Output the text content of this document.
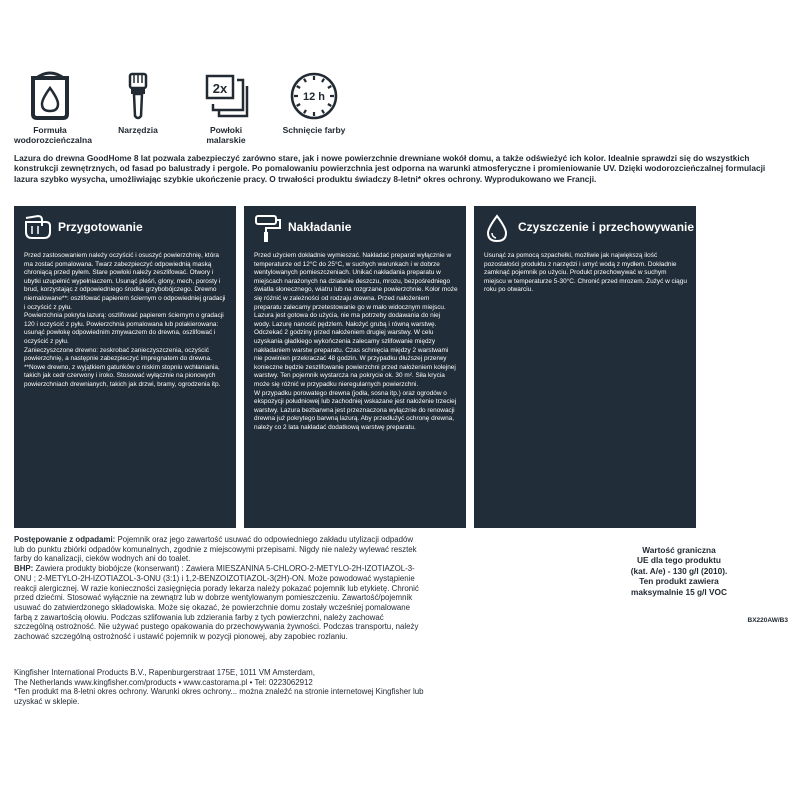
Formuła wodorozcieńczalna
Narzędzia
2x
Powłoki malarskie
12 h
Schnięcie farby
Lazura do drewna GoodHome 8 lat pozwala zabezpieczyć zarówno stare, jak i nowe powierzchnie drewniane wokół domu, a także odświeżyć ich kolor. Idealnie sprawdzi się do wszystkich konstrukcji zewnętrznych, od fasad po balustrady i pergole. Po pomalowaniu powierzchnia jest odporna na warunki atmosferyczne i promieniowanie UV. Dzięki wodorozcieńczalnej formulacji lazura szybko wysycha, umożliwiając szybkie ukończenie pracy. O trwałości produktu świadczy 8-letni* okres ochrony. Wyprodukowano we Francji.
Przygotowanie

Przed zastosowaniem należy oczyścić i osuszyć powierzchnię, która ma zostać pomalowana. Twarz zabezpieczyć odpowiednią maską chroniącą przed pyłem. Stare powłoki należy zeszlifować. Otwory i ubytki uzupełnić wypełniaczem. Usunąć pleśń, glony, mech, porosty i brud, korzystając z odpowiedniego środka grzybobójczego. Drewno niemalowane**: oszlifować papierem ściernym o odpowiedniej gradacji i oczyścić z pyłu.

Powierzchnia pokryta lazurą: oszlifować papierem ściernym o gradacji 120 i oczyścić z pyłu. Powierzchnia pomalowana lub polakierowana: usunąć powłokę odpowiednim zmywaczem do drewna, oszlifować i oczyścić z pyłu.

Zanieczyszczone drewno: zeskrobać zanieczyszczenia, oczyścić powierzchnię, a następnie zabezpieczyć impregnatem do drewna.

**Nowe drewno, z wyjątkiem gatunków o niskim stopniu wchłaniania, takich jak cedr czerwony i iroko. Stosować wyłącznie na pionowych powierzchniach drewnianych, takich jak drzwi, bramy, ogrodzenia itp.

Nakładanie

Przed użyciem dokładnie wymieszać. Nakładać preparat wyłącznie w temperaturze od 12°C do 25°C, w suchych warunkach i w dobrze wentylowanych pomieszczeniach. Unikać nakładania preparatu w miejscach narażonych na działanie deszczu, mrozu, bezpośredniego światła słonecznego, wiatru lub na rozgrzane powierzchnie. Kolor może się różnić w zależności od rodzaju drewna. Przed nałożeniem preparatu zalecamy przetestowanie go w mało widocznym miejscu. Lazura jest gotowa do użycia, nie ma potrzeby dodawania do niej wody. Lazurę nanosić pędzlem. Nałożyć grubą i równą warstwę. Odczekać 2 godziny przed nałożeniem drugiej warstwy. W celu uzyskania gładkiego wykończenia zalecamy szlifowanie między nakładaniem warstw preparatu. Czas schnięcia między 2 warstwami nie powinien przekraczać 48 godzin. W przypadku dłuższej przerwy konieczne będzie zeszlifowanie powierzchni przed nałożeniem kolejnej warstwy. Ten pojemnik wystarcza na pokrycie ok. 30 m². Siła krycia może się różnić w przypadku nieregularnych powierzchni.

W przypadku porowatego drewna (jodła, sosna itp.) oraz ogrodów o ekspozycji południowej lub zachodniej wskazane jest nałożenie trzeciej warstwy. Lazura bezbarwna jest przeznaczona wyłącznie do renowacji drewna już pokrytego barwną lazurą. Aby przedłużyć ochronę drewna, należy co 2 lata nakładać dodatkową warstwę preparatu.

Czyszczenie i przechowywanie

Usunąć za pomocą szpachelki, możliwie jak największą ilość pozostałości produktu z narzędzi i umyć wodą z mydłem. Dokładnie zamknąć pojemnik po użyciu. Produkt przechowywać w suchym miejscu w temperaturze 5-30°C. Chronić przed mrozem. Zużyć w ciągu roku po otwarciu.

Postępowanie z odpadami: Pojemnik oraz jego zawartość usuwać do odpowiedniego zakładu utylizacji odpadów lub do punktu zbiórki odpadów komunalnych, zgodnie z miejscowymi przepisami. Nigdy nie należy wylewać resztek farby do kanalizacji, cieków wodnych ani do toalet.
BHP: Zawiera produkty biobójcze (konserwant) : Zawiera MIESZANINA 5-CHLORO-2-METYLO-2H-IZOTIAZOL-3-ONU ; 2-METYLO-2H-IZOTIAZOL-3-ONU (3:1) i 1,2-BENZOIZOTIAZOL-3(2H)-ON. Może powodować wystąpienie reakcji alergicznej. W razie konieczności zasięgnięcia porady lekarza należy pokazać pojemnik lub etykietę. Chronić przed dziećmi. Stosować wyłącznie na zewnątrz lub w dobrze wentylowanym pomieszczeniu. Zawartość/pojemnik usuwać do zatwierdzonego składowiska. Może się okazać, że powierzchnie domu zostały wcześniej pomalowane farbą z zawartością ołowiu. Podczas szlifowania lub zdzierania farby z tych powierzchni, należy zachować szczególną ostrożność. Nie używać pustego opakowania do przechowywania żywności. Podczas transportu, należy zachować szczególną ostrożność i ustawić pojemnik w pozycji pionowej, aby zapobiec rozlaniu.
Kingfisher International Products B.V., Rapenburgerstraat 175E, 1011 VM Amsterdam,
The Netherlands www.kingfisher.com/products • www.castorama.pl • Tel: 0223062912
*Ten produkt ma 8-letni okres ochrony. Warunki okres ochrony... można znaleźć na stronie internetowej Kingfisher lub uzyskać w sklepie.
Wartość graniczna
UE dla tego produktu
(kat. A/e) - 130 g/l (2010).
Ten produkt zawiera
maksymalnie 15 g/l VOC
BX220AW/B3
